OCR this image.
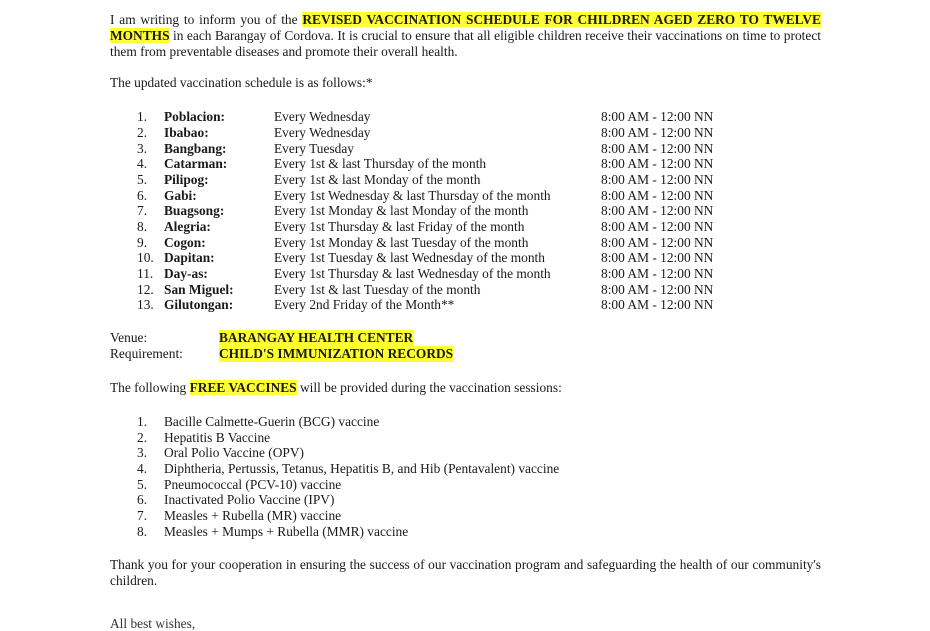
I am writing to inform you of the REVISED VACCINATION SCHEDULE FOR CHILDREN AGED ZERO TO TWELVE MONTHS in each Barangay of Cordova. It is crucial to ensure that all eligible children receive their vaccinations on time to protect them from preventable diseases and promote their overall health.

The updated vaccination schedule is as follows:*

1.	Poblacion:	Every Wednesday	8:00 AM - 12:00 NN
2.	Ibabao:	Every Wednesday	8:00 AM - 12:00 NN
3.	Bangbang:	Every Tuesday	8:00 AM - 12:00 NN
4.	Catarman:	Every 1st & last Thursday of the month	8:00 AM - 12:00 NN
5.	Pilipog:	Every 1st & last Monday of the month	8:00 AM - 12:00 NN
6.	Gabi:	Every 1st Wednesday & last Thursday of the month	8:00 AM - 12:00 NN
7.	Buagsong:	Every 1st Monday & last Monday of the month	8:00 AM - 12:00 NN
8.	Alegria:	Every 1st Thursday & last Friday of the month	8:00 AM - 12:00 NN
9.	Cogon:	Every 1st Monday & last Tuesday of the month	8:00 AM - 12:00 NN
10. Dapitan:	Every 1st Tuesday & last Wednesday of the month	8:00 AM - 12:00 NN
11. Day-as:	Every 1st Thursday & last Wednesday of the month	8:00 AM - 12:00 NN
12. San Miguel:	Every 1st & last Tuesday of the month	8:00 AM - 12:00 NN
13. Gilutongan:	Every 2nd Friday of the Month**	8:00 AM - 12:00 NN
Venue:	BARANGAY HEALTH CENTER
Requirement:	CHILD'S IMMUNIZATION RECORDS

The following FREE VACCINES will be provided during the vaccination sessions:

1.	Bacille Calmette-Guerin (BCG) vaccine
2.	Hepatitis B Vaccine
3.	Oral Polio Vaccine (OPV)
4.	Diphtheria, Pertussis, Tetanus, Hepatitis B, and Hib (Pentavalent) vaccine
5.	Pneumococcal (PCV-10) vaccine
6.	Inactivated Polio Vaccine (IPV)
7.	Measles + Rubella (MR) vaccine
8.	Measles + Mumps + Rubella (MMR) vaccine

Thank you for your cooperation in ensuring the success of our vaccination program and safeguarding the health of our community's children.

All best wishes,
